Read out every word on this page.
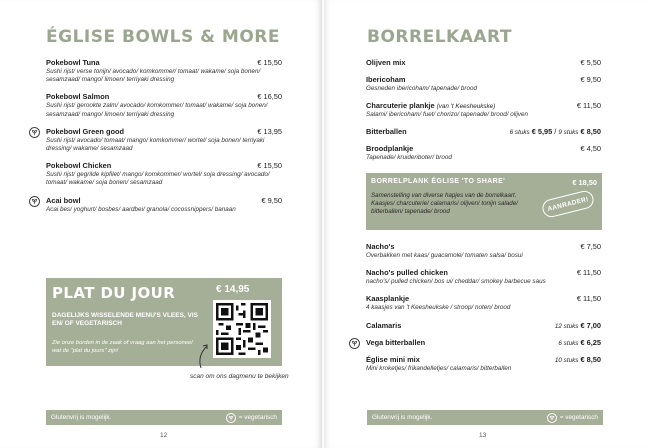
ÉGLISE BOWLS & MORE
Pokebowl Tuna	€ 15,50
Sushi rijst/ verse tonijn/ avocado/ komkommer/ tomaat/ wakame/ soja bonen/ sesamzaad/ mango/ limoen/ terriyaki dressing
Pokebowl Salmon	€ 16,50
Sushi rijst/ gerookte zalm/ avocado/ komkommer/ tomaat/ wakame/ soja bonen/ sesamzaad/ mango/ limoen/ terriyaki dressing
Pokebowl Green good	€ 13,95
Sushi rijst/ avocado/ tomaat/ mango/ komkommer/ wortel/ soja bonen/ terriyaki dressing/ wakame/ sesamzaad
Pokebowl Chicken	€ 15,50
Sushi rijst/ gegrilde kipfilet/ mango/ komkommer/ wortel/ soja dressing/ avocado/ tomaat/ wakame/ soja bonen/ sesamzaad
Acai bowl	€ 9,50
Acai bes/ yoghurt/ bosbes/ aardbei/ granola/ cocossnippers/ banaan
PLAT DU JOUR	€ 14,95
DAGELIJKS WISSELENDE MENU'S VLEES, VIS EN/ OF VEGETARISCH
Zie onze borden in de zaak of vraag aan het personeel wat de "plat du jours" zijn!
scan om ons dagmenu te bekijken
Glutenvrij is mogelijk.	= vegetarisch
12
BORRELKAART
Olijven mix	€ 5,50
Ibericoham	€ 9,50
Gesneden ibericoham/ tapenade/ brood
Charcuterie plankje (van 't Keesheukske)	€ 11,50
Salami/ ibericoham/ fuet/ chorizo/ tapenade/ brood/ olijven
Bitterballen	6 stuks € 5,95 / 9 stuks € 8,50
Broodplankje	€ 4,50
Tapenade/ kruidenboter/ brood
BORRELPLANK ÉGLISE 'TO SHARE'	€ 18,50
Samenstelling van diverse hapjes van de borrelkaart. Kaasjes/ charcuterie/ calamaris/ olijven/ tonijn salade/ bitterballen/ tapenade/ brood	AANRADER!
Nacho's	€ 7,50
Overbakken met kaas/ guacamole/ tomaten salsa/ bosui
Nacho's pulled chicken	€ 11,50
nacho's/ pulled chicken/ bos ui/ cheddar/ smokey barbecue saus
Kaasplankje	€ 11,50
4 kaasjes van 't Keesheukske / stroop/ noten/ brood
Calamaris	12 stuks € 7,00
Vega bitterballen	6 stuks € 6,25
Église mini mix	10 stuks € 8,50
Mini kroketjes/ frikandelletjes/ calamaris/ bitterballen
Glutenvrij is mogelijk.	= vegetarisch
13
